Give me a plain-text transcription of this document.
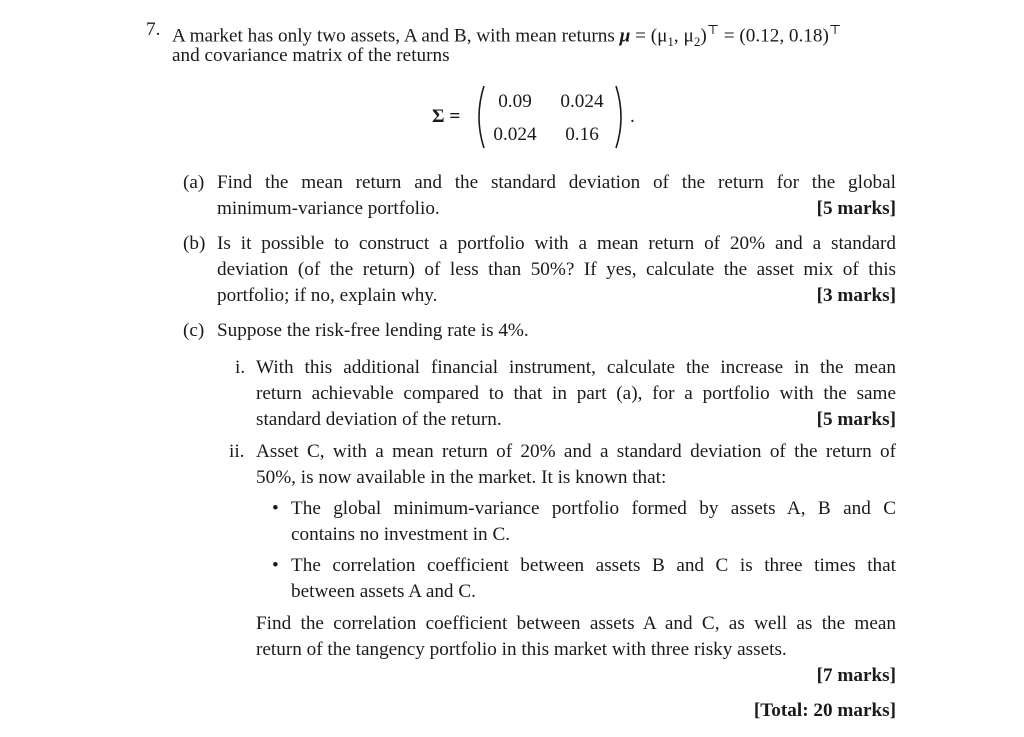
7. A market has only two assets, A and B, with mean returns $\mu = (\mu_1$, $\mu_2)^⊤ = (0.12$, 0.18)⊤
and covariance matrix of the returns
Σ =
0.09	0.024
0.024	0.16
.
(a) Find the mean return and the standard deviation of the return for the global
minimum-variance portfolio.	[5 marks]
(b) Is it possible to construct a portfolio with a mean return of 20% and a standard
deviation (of the return) of less than 50%? If yes, calculate the asset mix of this
portfolio; if no, explain why.	[3 marks]
(c) Suppose the risk-free lending rate is 4%.
i. With this additional financial instrument, calculate the increase in the mean
return achievable compared to that in part (a), for a portfolio with the same
standard deviation of the return.	[5 marks]
ii. Asset C, with a mean return of 20% and a standard deviation of the return of
50%, is now available in the market. It is known that:
• The global minimum-variance portfolio formed by assets A, B and C
contains no investment in C.
• The correlation coefficient between assets B and C is three times that
between assets A and C.
Find the correlation coefficient between assets A and C, as well as the mean
return of the tangency portfolio in this market with three risky assets.
[7 marks]
[Total: 20 marks]
